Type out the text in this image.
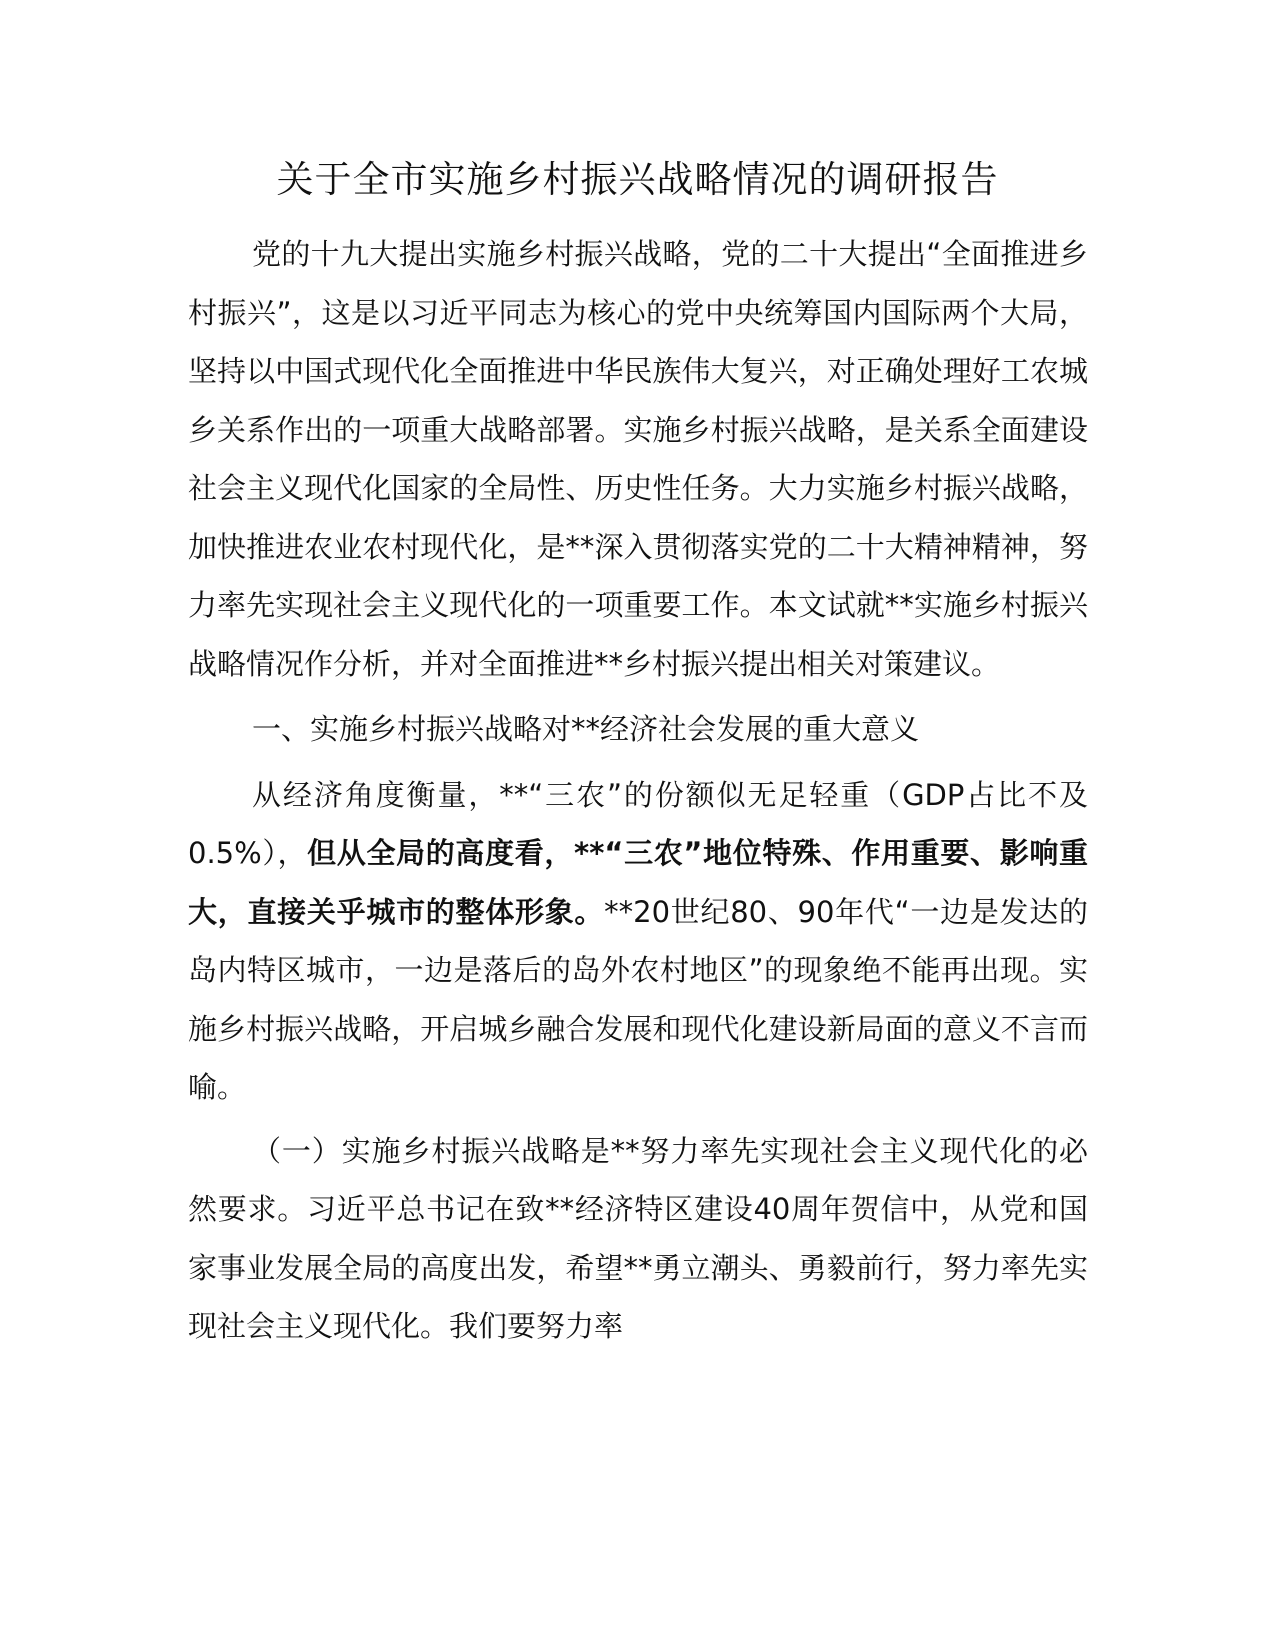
关于全市实施乡村振兴战略情况的调研报告

党的十九大提出实施乡村振兴战略，党的二十大提出“全面推进乡村振兴”，这是以习近平同志为核心的党中央统筹国内国际两个大局，坚持以中国式现代化全面推进中华民族伟大复兴，对正确处理好工农城乡关系作出的一项重大战略部署。实施乡村振兴战略，是关系全面建设社会主义现代化国家的全局性、历史性任务。大力实施乡村振兴战略，加快推进农业农村现代化，是**深入贯彻落实党的二十大精神精神，努力率先实现社会主义现代化的一项重要工作。本文试就**实施乡村振兴战略情况作分析，并对全面推进**乡村振兴提出相关对策建议。

一、实施乡村振兴战略对**经济社会发展的重大意义

从经济角度衡量，**“三农”的份额似无足轻重（GDP占比不及0.5%），但从全局的高度看，**“三农”地位特殊、作用重要、影响重大，直接关乎城市的整体形象。**20世纪80、90年代“一边是发达的岛内特区城市，一边是落后的岛外农村地区”的现象绝不能再出现。实施乡村振兴战略，开启城乡融合发展和现代化建设新局面的意义不言而喻。

（一）实施乡村振兴战略是**努力率先实现社会主义现代化的必然要求。习近平总书记在致**经济特区建设40周年贺信中，从党和国家事业发展全局的高度出发，希望**勇立潮头、勇毅前行，努力率先实现社会主义现代化。我们要努力率
